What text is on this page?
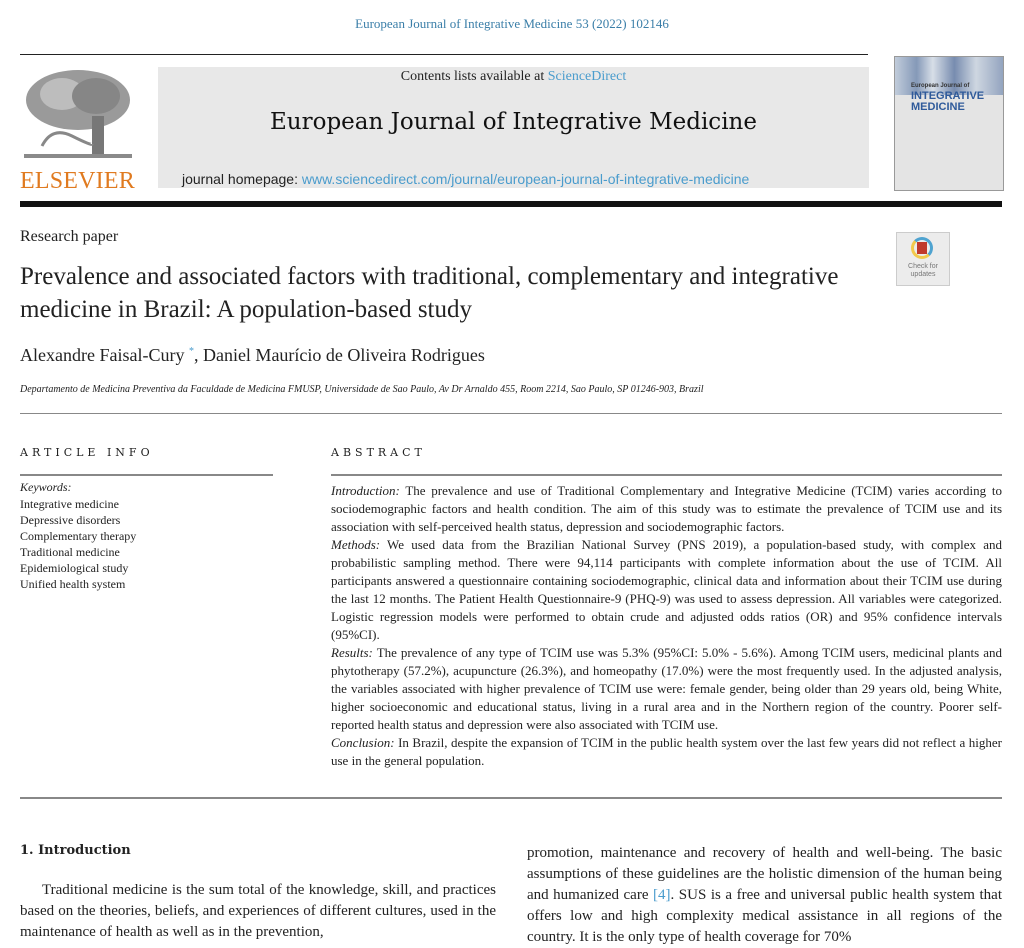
European Journal of Integrative Medicine 53 (2022) 102146
ELSEVIER
Contents lists available at ScienceDirect
European Journal of Integrative Medicine
journal homepage: www.sciencedirect.com/journal/european-journal-of-integrative-medicine
European Journal of
INTEGRATIVE
MEDICINE
Research paper
Prevalence and associated factors with traditional, complementary and integrative medicine in Brazil: A population-based study
Check for
updates
Alexandre Faisal-Cury *, Daniel Maurício de Oliveira Rodrigues
Departamento de Medicina Preventiva da Faculdade de Medicina FMUSP, Universidade de Sao Paulo, Av Dr Arnaldo 455, Room 2214, Sao Paulo, SP 01246-903, Brazil
ARTICLE INFO
Keywords:
Integrative medicine
Depressive disorders
Complementary therapy
Traditional medicine
Epidemiological study
Unified health system
ABSTRACT

Introduction: The prevalence and use of Traditional Complementary and Integrative Medicine (TCIM) varies according to sociodemographic factors and health condition. The aim of this study was to estimate the prevalence of TCIM use and its association with self-perceived health status, depression and sociodemographic factors.

Methods: We used data from the Brazilian National Survey (PNS 2019), a population-based study, with complex and probabilistic sampling method. There were 94,114 participants with complete information about the use of TCIM. All participants answered a questionnaire containing sociodemographic, clinical data and information about their TCIM use during the last 12 months. The Patient Health Questionnaire-9 (PHQ-9) was used to assess depression. All variables were categorized. Logistic regression models were performed to obtain crude and adjusted odds ratios (OR) and 95% confidence intervals (95%CI).

Results: The prevalence of any type of TCIM use was 5.3% (95%CI: 5.0% - 5.6%). Among TCIM users, medicinal plants and phytotherapy (57.2%), acupuncture (26.3%), and homeopathy (17.0%) were the most frequently used. In the adjusted analysis, the variables associated with higher prevalence of TCIM use were: female gender, being older than 29 years old, being White, higher socioeconomic and educational status, living in a rural area and in the Northern region of the country. Poorer self-reported health status and depression were also associated with TCIM use.

Conclusion: In Brazil, despite the expansion of TCIM in the public health system over the last few years did not reflect a higher use in the general population.

1. Introduction
Traditional medicine is the sum total of the knowledge, skill, and practices based on the theories, beliefs, and experiences of different cultures, used in the maintenance of health as well as in the prevention,
promotion, maintenance and recovery of health and well-being. The basic assumptions of these guidelines are the holistic dimension of the human being and humanized care [4]. SUS is a free and universal public health system that offers low and high complexity medical assistance in all regions of the country. It is the only type of health coverage for 70%
